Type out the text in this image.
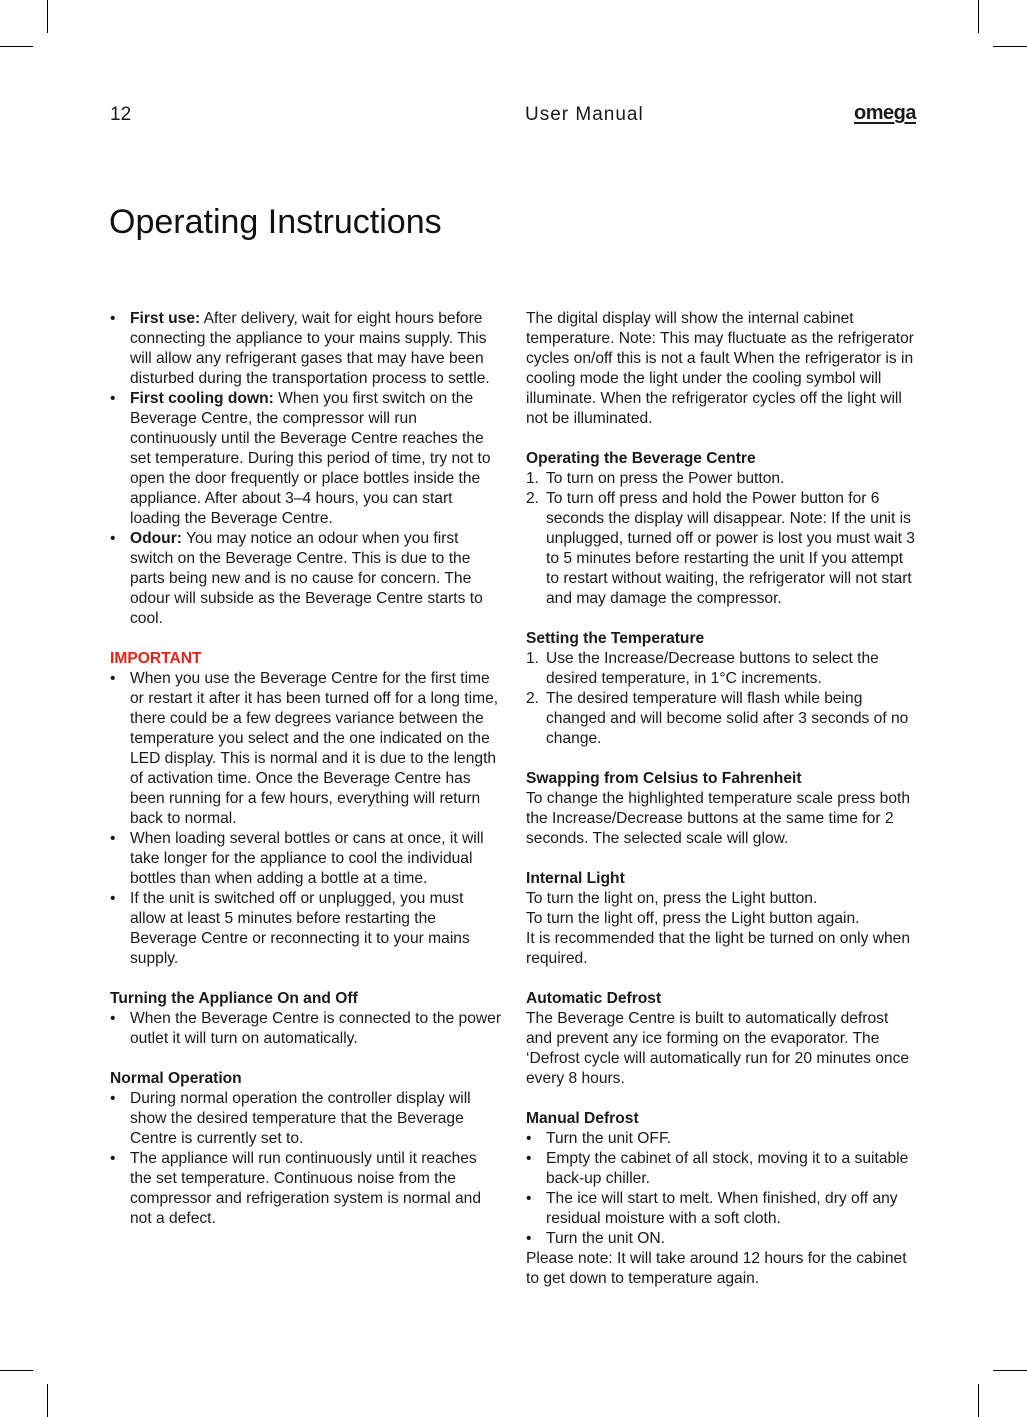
12	User Manual	omega
Operating Instructions
• First use: After delivery, wait for eight hours before connecting the appliance to your mains supply. This will allow any refrigerant gases that may have been disturbed during the transportation process to settle.
• First cooling down: When you first switch on the Beverage Centre, the compressor will run continuously until the Beverage Centre reaches the set temperature. During this period of time, try not to open the door frequently or place bottles inside the appliance. After about 3–4 hours, you can start loading the Beverage Centre.
• Odour: You may notice an odour when you first switch on the Beverage Centre. This is due to the parts being new and is no cause for concern. The odour will subside as the Beverage Centre starts to cool.

IMPORTANT

• When you use the Beverage Centre for the first time or restart it after it has been turned off for a long time, there could be a few degrees variance between the temperature you select and the one indicated on the LED display. This is normal and it is due to the length of activation time. Once the Beverage Centre has been running for a few hours, everything will return back to normal.
• When loading several bottles or cans at once, it will take longer for the appliance to cool the individual bottles than when adding a bottle at a time.
• If the unit is switched off or unplugged, you must allow at least 5 minutes before restarting the Beverage Centre or reconnecting it to your mains supply.

Turning the Appliance On and Off

• When the Beverage Centre is connected to the power outlet it will turn on automatically.

Normal Operation

• During normal operation the controller display will show the desired temperature that the Beverage Centre is currently set to.
• The appliance will run continuously until it reaches the set temperature. Continuous noise from the compressor and refrigeration system is normal and not a defect.

The digital display will show the internal cabinet temperature. Note: This may fluctuate as the refrigerator cycles on/off this is not a fault When the refrigerator is in cooling mode the light under the cooling symbol will illuminate. When the refrigerator cycles off the light will not be illuminated.

Operating the Beverage Centre

1. To turn on press the Power button.
2. To turn off press and hold the Power button for 6 seconds the display will disappear. Note: If the unit is unplugged, turned off or power is lost you must wait 3 to 5 minutes before restarting the unit If you attempt to restart without waiting, the refrigerator will not start and may damage the compressor.

Setting the Temperature

1. Use the Increase/Decrease buttons to select the desired temperature, in 1°C increments.
2. The desired temperature will flash while being changed and will become solid after 3 seconds of no change.

Swapping from Celsius to Fahrenheit

To change the highlighted temperature scale press both the Increase/Decrease buttons at the same time for 2 seconds. The selected scale will glow.

Internal Light

To turn the light on, press the Light button.

To turn the light off, press the Light button again.

It is recommended that the light be turned on only when required.

Automatic Defrost

The Beverage Centre is built to automatically defrost and prevent any ice forming on the evaporator. The ‘Defrost cycle will automatically run for 20 minutes once every 8 hours.

Manual Defrost

• Turn the unit OFF.
• Empty the cabinet of all stock, moving it to a suitable back-up chiller.
• The ice will start to melt. When finished, dry off any residual moisture with a soft cloth.
• Turn the unit ON.

Please note: It will take around 12 hours for the cabinet to get down to temperature again.
